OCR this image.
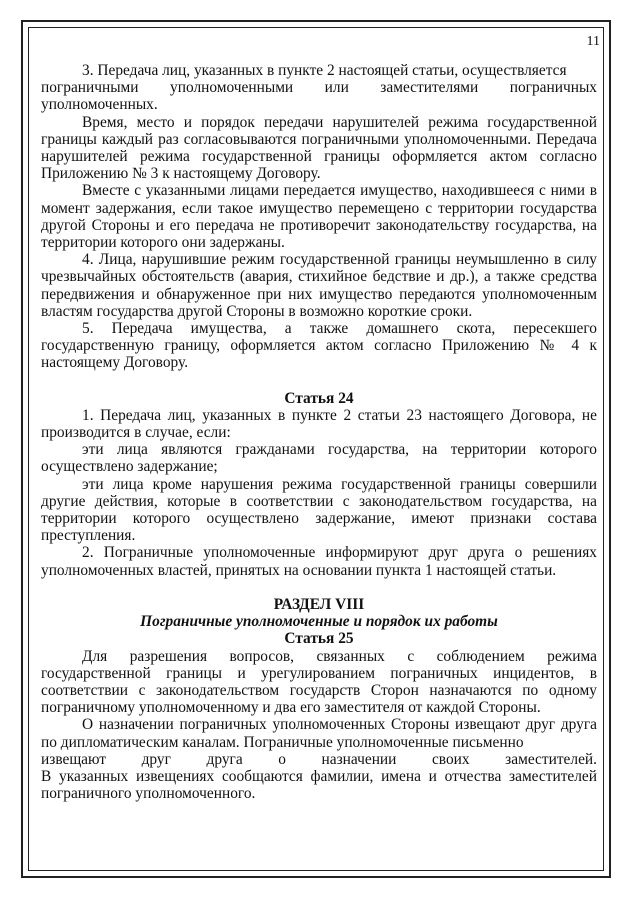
11

3. Передача лиц, указанных в пункте 2 настоящей статьи, осуществляется

пограничными уполномоченными или заместителями пограничных

уполномоченных.

Время, место и порядок передачи нарушителей режима государственной границы каждый раз согласовываются пограничными уполномоченными. Передача нарушителей режима государственной границы оформляется актом согласно Приложению № 3 к настоящему Договору.

Вместе с указанными лицами передается имущество, находившееся с ними в момент задержания, если такое имущество перемещено с территории государства другой Стороны и его передача не противоречит законодательству государства, на территории которого они задержаны.

4. Лица, нарушившие режим государственной границы неумышленно в силу чрезвычайных обстоятельств (авария, стихийное бедствие и др.), а также средства передвижения и обнаруженное при них имущество передаются уполномоченным властям государства другой Стороны в возможно короткие сроки.

5. Передача имущества, а также домашнего скота, пересекшего государственную границу, оформляется актом согласно Приложению № 4 к настоящему Договору.

Статья 24

1. Передача лиц, указанных в пункте 2 статьи 23 настоящего Договора, не производится в случае, если:

эти лица являются гражданами государства, на территории которого осуществлено задержание;

эти лица кроме нарушения режима государственной границы совершили другие действия, которые в соответствии с законодательством государства, на территории которого осуществлено задержание, имеют признаки состава преступления.

2. Пограничные уполномоченные информируют друг друга о решениях уполномоченных властей, принятых на основании пункта 1 настоящей статьи.

РАЗДЕЛ VIII

Пограничные уполномоченные и порядок их работы

Статья 25

Для разрешения вопросов, связанных с соблюдением режима государственной границы и урегулированием пограничных инцидентов, в соответствии с законодательством государств Сторон назначаются по одному пограничному уполномоченному и два его заместителя от каждой Стороны.

О назначении пограничных уполномоченных Стороны извещают друг друга по дипломатическим каналам. Пограничные уполномоченные письменно

извещают друг друга о назначении своих заместителей.

В указанных извещениях сообщаются фамилии, имена и отчества заместителей пограничного уполномоченного.
